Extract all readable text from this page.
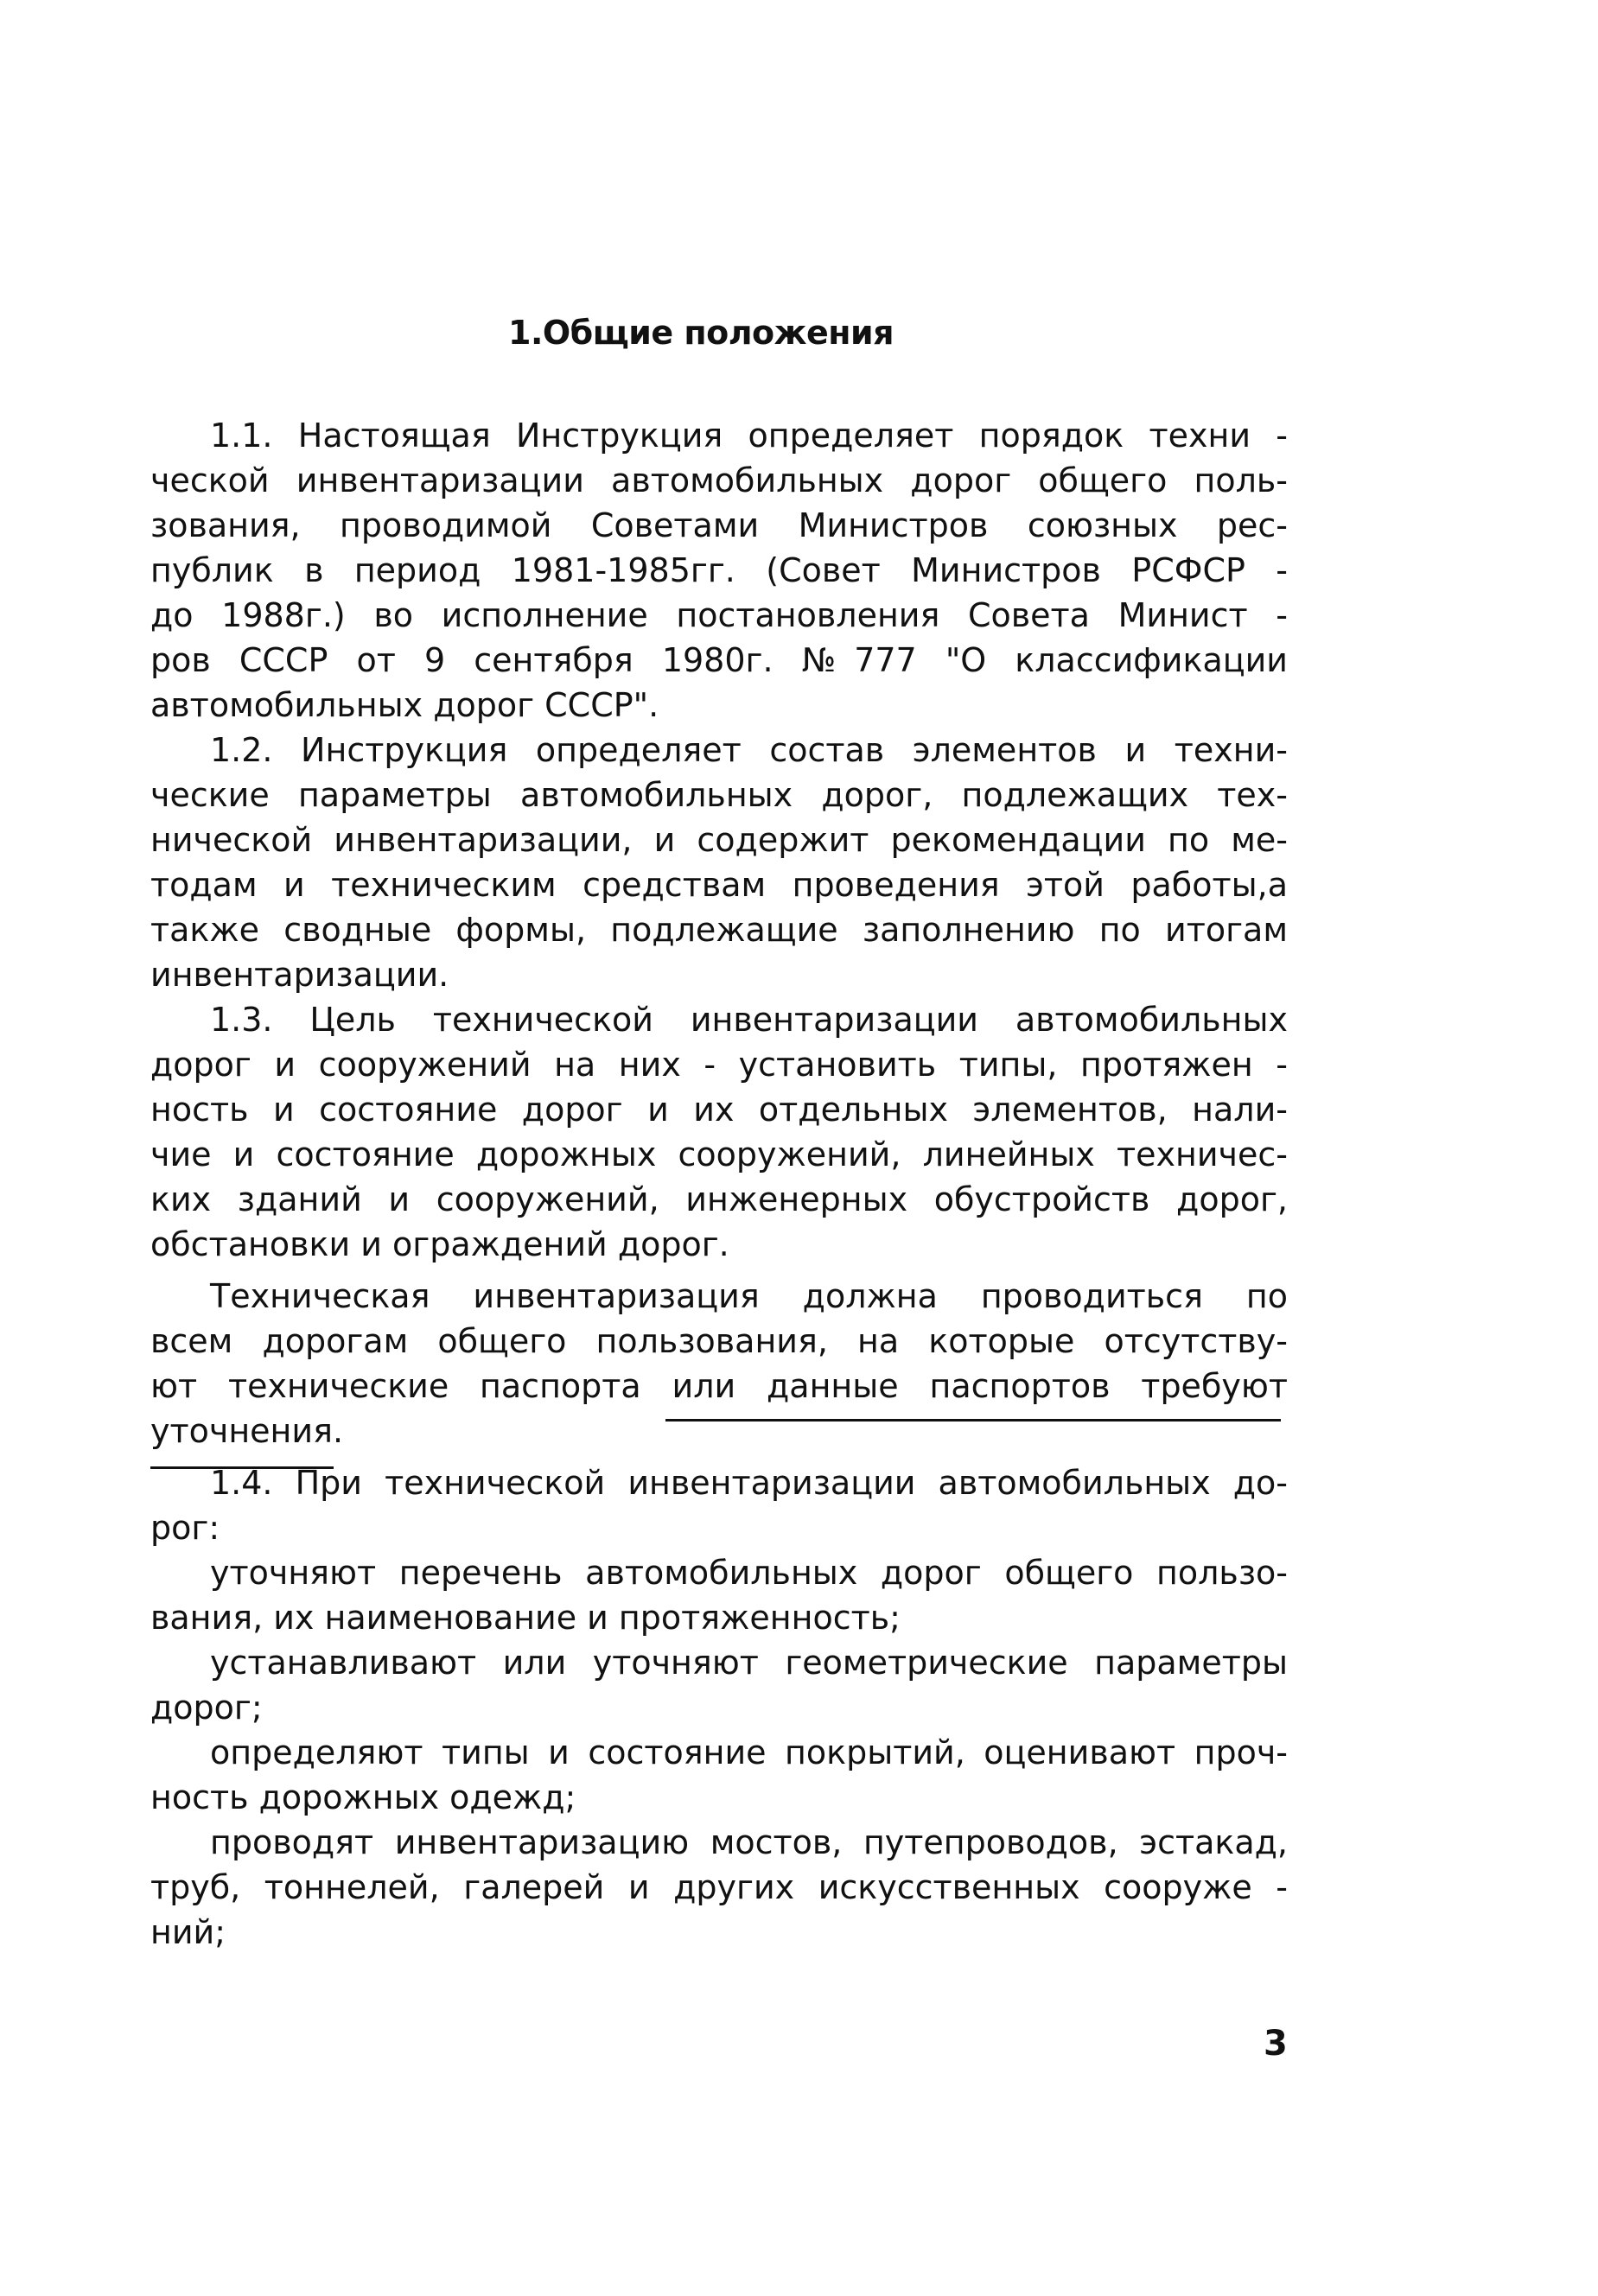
1.Общие положения
1.1. Настоящая Инструкция определяет порядок техни -
ческой инвентаризации автомобильных дорог общего поль-
зования, проводимой Советами Министров союзных рес-
публик в период 1981-1985гг. (Совет Министров РСФСР -
до 1988г.) во исполнение постановления Совета Минист -
ров СССР от 9 сентября 1980г. №777 "О классификации
автомобильных дорог СССР".
1.2. Инструкция определяет состав элементов и техни-
ческие параметры автомобильных дорог, подлежащих тех-
нической инвентаризации, и содержит рекомендации по ме-
тодам и техническим средствам проведения этой работы,а
также сводные формы, подлежащие заполнению по итогам
инвентаризации.
1.3. Цель технической инвентаризации автомобильных
дорог и сооружений на них - установить типы, протяжен -
ность и состояние дорог и их отдельных элементов, нали-
чие и состояние дорожных сооружений, линейных техничес-
ких зданий и сооружений, инженерных обустройств дорог,
обстановки и ограждений дорог.
Техническая инвентаризация должна проводиться по
всем дорогам общего пользования, на которые отсутству-
ют технические паспорта или данные паспортов требуют
уточнения.
1.4. При технической инвентаризации автомобильных до-
рог:
уточняют перечень автомобильных дорог общего пользо-
вания, их наименование и протяженность;
устанавливают или уточняют геометрические параметры
дорог;
определяют типы и состояние покрытий, оценивают проч-
ность дорожных одежд;
проводят инвентаризацию мостов, путепроводов, эстакад,
труб, тоннелей, галерей и других искусственных сооруже -
ний;
3
